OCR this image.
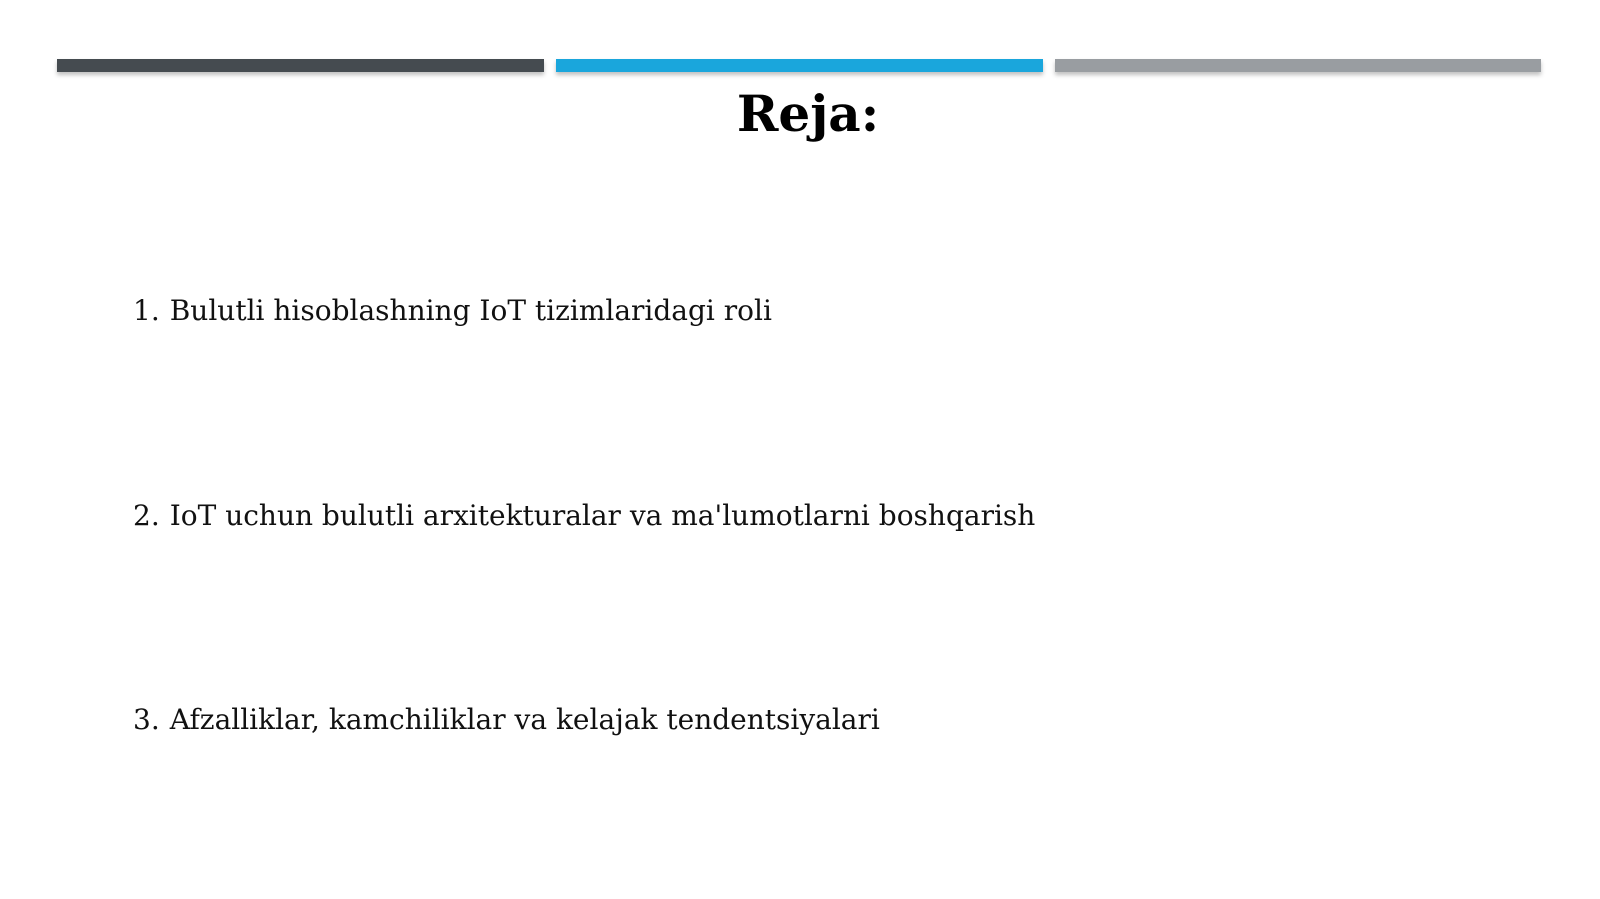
Reja:
1. Bulutli hisoblashning IoT tizimlaridagi roli
2. IoT uchun bulutli arxitekturalar va ma'lumotlarni boshqarish
3. Afzalliklar, kamchiliklar va kelajak tendentsiyalari
